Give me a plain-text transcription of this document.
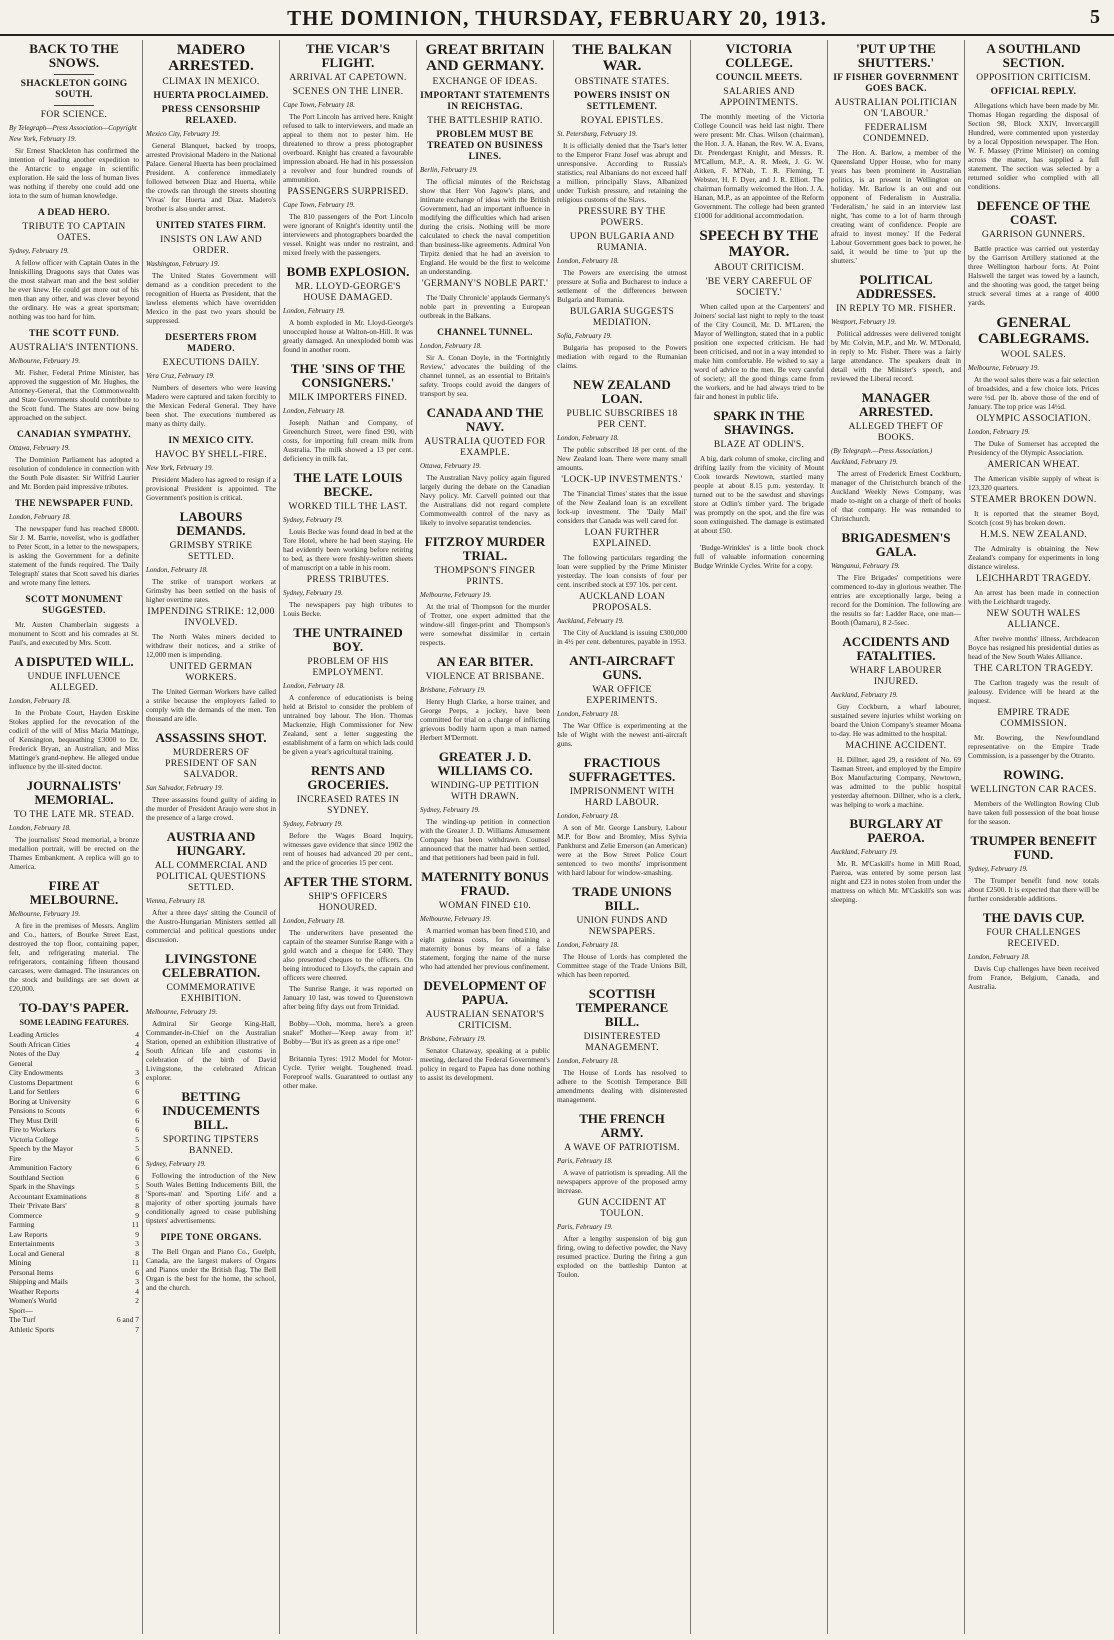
THE DOMINION, THURSDAY, FEBRUARY 20, 1913.	5
BACK TO THE SNOWS.
SHACKLETON GOING SOUTH.
FOR SCIENCE.
By Telegraph—Press Association—Copyright
New York, February 19.

Sir Ernest Shackleton has confirmed the intention of leading another expedition to the Antarctic to engage in scientific exploration. He said the loss of human lives was nothing if thereby one could add one iota to the sum of human knowledge.

A DEAD HERO.
TRIBUTE TO CAPTAIN OATES.
Sydney, February 19.

A fellow officer with Captain Oates in the Inniskilling Dragoons says that Oates was the most stalwart man and the best soldier he ever knew. He could get more out of his men than any other, and was clever beyond the ordinary. He was a great sportsman; nothing was too hard for him.

THE SCOTT FUND.
AUSTRALIA'S INTENTIONS.
Melbourne, February 19.

Mr. Fisher, Federal Prime Minister, has approved the suggestion of Mr. Hughes, the Attorney-General, that the Commonwealth and State Governments should contribute to the Scott fund. The States are now being approached on the subject.

CANADIAN SYMPATHY.
Ottawa, February 19.

The Dominion Parliament has adopted a resolution of condolence in connection with the South Pole disaster. Sir Wilfrid Laurier and Mr. Borden paid impressive tributes.

THE NEWSPAPER FUND.
London, February 18.

The newspaper fund has reached £8000. Sir J. M. Barrie, novelist, who is godfather to Peter Scott, in a letter to the newspapers, is asking the Government for a definite statement of the funds required. The 'Daily Telegraph' states that Scott saved his diaries and wrote many fine letters.

SCOTT MONUMENT SUGGESTED.

Mr. Austen Chamberlain suggests a monument to Scott and his comrades at St. Paul's, and executed by Mrs. Scott.

A DISPUTED WILL.
UNDUE INFLUENCE ALLEGED.
London, February 18.

In the Probate Court, Hayden Erskine Stokes applied for the revocation of the codicil of the will of Miss Maria Mattinge, of Kensington, bequeathing £3000 to Dr. Frederick Bryan, an Australian, and Miss Mattinge's grand-nephew. He alleged undue influence by the ill-sited doctor.

JOURNALISTS' MEMORIAL.
TO THE LATE MR. STEAD.
London, February 18.

The journalists' Stead memorial, a bronze medallion portrait, will be erected on the Thames Embankment. A replica will go to America.

FIRE AT MELBOURNE.
Melbourne, February 19.

A fire in the premises of Messrs. Anglim and Co., hatters, of Bourke Street East, destroyed the top floor, containing paper, felt, and refrigerating material. The refrigerators, containing fifteen thousand carcases, were damaged. The insurances on the stock and buildings are set down at £20,000.

TO-DAY'S PAPER.
SOME LEADING FEATURES.
Leading Articles	4
South African Cities	4
Notes of the Day	4
General
City Endowments	3
Customs Department	6
Land for Settlers	6
Boring at University	6
Pensions to Scouts	6
They Must Drill	6
Fire to Workers	6
Victoria College	5
Speech by the Mayor	5
Fire	6
Ammunition Factory	6
Southland Section	6
Spark in the Shavings	5
Accountant Examinations	8
Their 'Private Bars'	8
Commerce	9
Farming	11
Law Reports	9
Entertainments	3
Local and General	8
Mining	11
Personal Items	6
Shipping and Mails	3
Weather Reports	4
Women's World	2
Sport—
The Turf	6 and 7
Athletic Sports	7
MADERO ARRESTED.
CLIMAX IN MEXICO.
HUERTA PROCLAIMED.
PRESS CENSORSHIP RELAXED.
Mexico City, February 19.

General Blanquet, backed by troops, arrested Provisional Madero in the National Palace. General Huerta has been proclaimed President. A conference immediately followed between Diaz and Huerta, while the crowds ran through the streets shouting 'Vivas' for Huerta and Diaz. Madero's brother is also under arrest.

UNITED STATES FIRM.
INSISTS ON LAW AND ORDER.
Washington, February 19.

The United States Government will demand as a condition precedent to the recognition of Huerta as President, that the lawless elements which have overridden Mexico in the past two years should be suppressed.

DESERTERS FROM MADERO.
EXECUTIONS DAILY.
Vera Cruz, February 19.

Numbers of deserters who were leaving Madero were captured and taken forcibly to the Mexican Federal General. They have been shot. The executions numbered as many as thirty daily.

IN MEXICO CITY.
HAVOC BY SHELL-FIRE.
New York, February 19.

President Madero has agreed to resign if a provisional President is appointed. The Government's position is critical.

LABOURS DEMANDS.
GRIMSBY STRIKE SETTLED.
London, February 18.

The strike of transport workers at Grimsby has been settled on the basis of higher overtime rates.

IMPENDING STRIKE: 12,000 INVOLVED.

The North Wales miners decided to withdraw their notices, and a strike of 12,000 men is impending.

UNITED GERMAN WORKERS.

The United German Workers have called a strike because the employers failed to comply with the demands of the men. Ten thousand are idle.

ASSASSINS SHOT.
MURDERERS OF PRESIDENT OF SAN SALVADOR.
San Salvador, February 19.

Three assassins found guilty of aiding in the murder of President Araujo were shot in the presence of a large crowd.

AUSTRIA AND HUNGARY.
ALL COMMERCIAL AND POLITICAL QUESTIONS SETTLED.
Vienna, February 18.

After a three days' sitting the Council of the Austro-Hungarian Ministers settled all commercial and political questions under discussion.

LIVINGSTONE CELEBRATION.
COMMEMORATIVE EXHIBITION.
Melbourne, February 19.

Admiral Sir George King-Hall, Commander-in-Chief on the Australian Station, opened an exhibition illustrative of South African life and customs in celebration of the birth of David Livingstone, the celebrated African explorer.

BETTING INDUCEMENTS BILL.
SPORTING TIPSTERS BANNED.
Sydney, February 19.

Following the introduction of the New South Wales Betting Inducements Bill, the 'Sports-man' and 'Sporting Life' and a majority of other sporting journals have conditionally agreed to cease publishing tipsters' advertisements.

PIPE TONE ORGANS.

The Bell Organ and Piano Co., Guelph, Canada, are the largest makers of Organs and Pianos under the British flag. The Bell Organ is the best for the home, the school, and the church.

THE VICAR'S FLIGHT.
ARRIVAL AT CAPETOWN.
SCENES ON THE LINER.
Cape Town, February 18.

The Port Lincoln has arrived here. Knight refused to talk to interviewers, and made an appeal to them not to pester him. He threatened to throw a press photographer overboard. Knight has created a favourable impression aboard. He had in his possession a revolver and four hundred rounds of ammunition.

PASSENGERS SURPRISED.
Cape Town, February 19.

The 810 passengers of the Port Lincoln were ignorant of Knight's identity until the interviewers and photographers boarded the vessel. Knight was under no restraint, and mixed freely with the passengers.

BOMB EXPLOSION.
MR. LLOYD-GEORGE'S HOUSE DAMAGED.
London, February 19.

A bomb exploded in Mr. Lloyd-George's unoccupied house at Walton-on-Hill. It was greatly damaged. An unexploded bomb was found in another room.

THE 'SINS OF THE CONSIGNERS.'
MILK IMPORTERS FINED.
London, February 18.

Joseph Nathan and Company, of Greenchurch Street, were fined £90, with costs, for importing full cream milk from Australia. The milk showed a 13 per cent. deficiency in milk fat.

THE LATE LOUIS BECKE.
WORKED TILL THE LAST.
Sydney, February 19.

Louis Becke was found dead in bed at the Tore Hotel, where he had been staying. He had evidently been working before retiring to bed, as there were freshly-written sheets of manuscript on a table in his room.

PRESS TRIBUTES.
Sydney, February 19.

The newspapers pay high tributes to Louis Becke.

THE UNTRAINED BOY.
PROBLEM OF HIS EMPLOYMENT.
London, February 18.

A conference of educationists is being held at Bristol to consider the problem of untrained boy labour. The Hon. Thomas Mackenzie, High Commissioner for New Zealand, sent a letter suggesting the establishment of a farm on which lads could be given a year's agricultural training.

RENTS AND GROCERIES.
INCREASED RATES IN SYDNEY.
Sydney, February 19.

Before the Wages Board Inquiry, witnesses gave evidence that since 1902 the rent of houses had advanced 20 per cent., and the price of groceries 15 per cent.

AFTER THE STORM.
SHIP'S OFFICERS HONOURED.
London, February 18.

The underwriters have presented the captain of the steamer Sunrise Range with a gold watch and a cheque for £400. They also presented cheques to the officers. On being introduced to Lloyd's, the captain and officers were cheered.

The Sunrise Range, it was reported on January 10 last, was towed to Queenstown after being fifty days out from Trinidad.

Bobby—'Ooh, momma, here's a green snake!' Mother—'Keep away from it!' Bobby—'But it's as green as a ripe one!'

Britannia Tyres: 1912 Model for Motor-Cycle. Tyrier weight. Toughened tread. Foreproof walls. Guaranteed to outlast any other make.

GREAT BRITAIN AND GERMANY.
EXCHANGE OF IDEAS.
IMPORTANT STATEMENTS IN REICHSTAG.
THE BATTLESHIP RATIO.
PROBLEM MUST BE TREATED ON BUSINESS LINES.
Berlin, February 19.

The official minutes of the Reichstag show that Herr Von Jagow's plans, and intimate exchange of ideas with the British Government, had an important influence in modifying the difficulties which had arisen during the crisis. Nothing will be more calculated to check the naval competition than business-like agreements. Admiral Von Tirpitz denied that he had an aversion to England. He would be the first to welcome an understanding.

'GERMANY'S NOBLE PART.'

The 'Daily Chronicle' applauds Germany's noble part in preventing a European outbreak in the Balkans.

CHANNEL TUNNEL.
London, February 18.

Sir A. Conan Doyle, in the 'Fortnightly Review,' advocates the building of the channel tunnel, as an essential to Britain's safety. Troops could avoid the dangers of transport by sea.

CANADA AND THE NAVY.
AUSTRALIA QUOTED FOR EXAMPLE.
Ottawa, February 19.

The Australian Navy policy again figured largely during the debate on the Canadian Navy policy. Mr. Carvell pointed out that the Australians did not regard complete Commonwealth control of the navy as likely to involve separatist tendencies.

FITZROY MURDER TRIAL.
THOMPSON'S FINGER PRINTS.
Melbourne, February 19.

At the trial of Thompson for the murder of Trotter, one expert admitted that the window-sill finger-print and Thompson's were somewhat dissimilar in certain respects.

AN EAR BITER.
VIOLENCE AT BRISBANE.
Brisbane, February 19.

Henry Hugh Clarke, a horse trainer, and George Peeps, a jockey, have been committed for trial on a charge of inflicting grievous bodily harm upon a man named Herbert M'Dermott.

GREATER J. D. WILLIAMS CO.
WINDING-UP PETITION WITH DRAWN.
Sydney, February 19.

The winding-up petition in connection with the Greater J. D. Williams Amusement Company has been withdrawn. Counsel announced that the matter had been settled, and that petitioners had been paid in full.

MATERNITY BONUS FRAUD.
WOMAN FINED £10.
Melbourne, February 19.

A married woman has been fined £10, and eight guineas costs, for obtaining a maternity bonus by means of a false statement, forging the name of the nurse who had attended her previous confinement.

DEVELOPMENT OF PAPUA.
AUSTRALIAN SENATOR'S CRITICISM.
Brisbane, February 19.

Senator Chataway, speaking at a public meeting, declared the Federal Government's policy in regard to Papua has done nothing to assist its development.

THE BALKAN WAR.
OBSTINATE STATES.
POWERS INSIST ON SETTLEMENT.
ROYAL EPISTLES.
St. Petersburg, February 19.

It is officially denied that the Tsar's letter to the Emperor Franz Josef was abrupt and unresponsive. According to Russia's statistics, real Albanians do not exceed half a million, principally Slavs, Albanized under Turkish pressure, and retaining the religious customs of the Slavs.

PRESSURE BY THE POWERS.
UPON BULGARIA AND RUMANIA.
London, February 18.

The Powers are exercising the utmost pressure at Sofia and Bucharest to induce a settlement of the differences between Bulgaria and Rumania.

BULGARIA SUGGESTS MEDIATION.
Sofia, February 19.

Bulgaria has proposed to the Powers mediation with regard to the Rumanian claims.

NEW ZEALAND LOAN.
PUBLIC SUBSCRIBES 18 PER CENT.
London, February 18.

The public subscribed 18 per cent. of the New Zealand loan. There were many small amounts.

'LOCK-UP INVESTMENTS.'

The 'Financial Times' states that the issue of the New Zealand loan is an excellent lock-up investment. The 'Daily Mail' considers that Canada was well cared for.

LOAN FURTHER EXPLAINED.

The following particulars regarding the loan were supplied by the Prime Minister yesterday. The loan consists of four per cent. inscribed stock at £97 10s. per cent.

AUCKLAND LOAN PROPOSALS.
Auckland, February 19.

The City of Auckland is issuing £300,000 in 4½ per cent. debentures, payable in 1953.

ANTI-AIRCRAFT GUNS.
WAR OFFICE EXPERIMENTS.
London, February 18.

The War Office is experimenting at the Isle of Wight with the newest anti-aircraft guns.

FRACTIOUS SUFFRAGETTES.
IMPRISONMENT WITH HARD LABOUR.
London, February 18.

A son of Mr. George Lansbury, Labour M.P. for Bow and Bromley, Miss Sylvia Pankhurst and Zelie Emerson (an American) were at the Bow Street Police Court sentenced to two months' imprisonment with hard labour for window-smashing.

TRADE UNIONS BILL.
UNION FUNDS AND NEWSPAPERS.
London, February 18.

The House of Lords has completed the Committee stage of the Trade Unions Bill, which has been reported.

SCOTTISH TEMPERANCE BILL.
DISINTERESTED MANAGEMENT.
London, February 18.

The House of Lords has resolved to adhere to the Scottish Temperance Bill amendments dealing with disinterested management.

THE FRENCH ARMY.
A WAVE OF PATRIOTISM.
Paris, February 18.

A wave of patriotism is spreading. All the newspapers approve of the proposed army increase.

GUN ACCIDENT AT TOULON.
Paris, February 19.

After a lengthy suspension of big gun firing, owing to defective powder, the Navy resumed practice. During the firing a gun exploded on the battleship Danton at Toulon.

VICTORIA COLLEGE.
COUNCIL MEETS.
SALARIES AND APPOINTMENTS.

The monthly meeting of the Victoria College Council was held last night. There were present: Mr. Chas. Wilson (chairman), the Hon. J. A. Hanan, the Rev. W. A. Evans, Dr. Prendergast Knight, and Messrs. R. M'Callum, M.P., A. R. Meek, J. G. W. Aitken, F. M'Nab, T. R. Fleming, T. Webster, H. F. Dyer, and J. R. Elliott. The chairman formally welcomed the Hon. J. A. Hanan, M.P., as an appointee of the Reform Government. The college had been granted £1000 for additional accommodation.

SPEECH BY THE MAYOR.
ABOUT CRITICISM.
'BE VERY CAREFUL OF SOCIETY.'

When called upon at the Carpenters' and Joiners' social last night to reply to the toast of the City Council, Mr. D. M'Laren, the Mayor of Wellington, stated that in a public position one expected criticism. He had been criticised, and not in a way intended to make him comfortable. He wished to say a word of advice to the men. Be very careful of society; all the good things came from the workers, and he had always tried to be fair and honest in public life.

SPARK IN THE SHAVINGS.
BLAZE AT ODLIN'S.

A big, dark column of smoke, circling and drifting lazily from the vicinity of Mount Cook towards Newtown, startled many people at about 8.15 p.m. yesterday. It turned out to be the sawdust and shavings store at Odlin's timber yard. The brigade was promptly on the spot, and the fire was soon extinguished. The damage is estimated at about £50.

'Budge-Wrinkles' is a little book chock full of valuable information concerning Budge Wrinkle Cycles. Write for a copy.

'PUT UP THE SHUTTERS.'
IF FISHER GOVERNMENT GOES BACK.
AUSTRALIAN POLITICIAN ON 'LABOUR.'
FEDERALISM CONDEMNED.

The Hon. A. Barlow, a member of the Queensland Upper House, who for many years has been prominent in Australian politics, is at present in Wellington on holiday. Mr. Barlow is an out and out opponent of Federalism in Australia. 'Federalism,' he said in an interview last night, 'has come to a lot of harm through creating want of confidence. People are afraid to invest money.' If the Federal Labour Government goes back to power, he said, it would be time to 'put up the shutters.'

POLITICAL ADDRESSES.
IN REPLY TO MR. FISHER.
Westport, February 19.

Political addresses were delivered tonight by Mr. Colvin, M.P., and Mr. W. M'Donald, in reply to Mr. Fisher. There was a fairly large attendance. The speakers dealt in detail with the Minister's speech, and reviewed the Liberal record.

MANAGER ARRESTED.
ALLEGED THEFT OF BOOKS.
(By Telegraph.—Press Association.)
Auckland, February 19.

The arrest of Frederick Ernest Cockburn, manager of the Christchurch branch of the Auckland Weekly News Company, was made to-night on a charge of theft of books of that company. He was remanded to Christchurch.

BRIGADESMEN'S GALA.
Wanganui, February 19.

The Fire Brigades' competitions were commenced to-day in glorious weather. The entries are exceptionally large, being a record for the Dominion. The following are the results so far: Ladder Race, one man—Booth (Ōamaru), 8 2-5sec.

ACCIDENTS AND FATALITIES.
WHARF LABOURER INJURED.
Auckland, February 19.

Guy Cockburn, a wharf labourer, sustained severe injuries whilst working on board the Union Company's steamer Moana to-day. He was admitted to the hospital.

MACHINE ACCIDENT.

H. Dillner, aged 29, a resident of No. 69 Tasman Street, and employed by the Empire Box Manufacturing Company, Newtown, was admitted to the public hospital yesterday afternoon. Dillner, who is a clerk, was helping to work a machine.

BURGLARY AT PAEROA.
Auckland, February 19.

Mr. R. M'Caskill's home in Mill Road, Paeroa, was entered by some person last night and £23 in notes stolen from under the mattress on which Mr. M'Caskill's son was sleeping.

A SOUTHLAND SECTION.
OPPOSITION CRITICISM.
OFFICIAL REPLY.

Allegations which have been made by Mr. Thomas Hogan regarding the disposal of Section 98, Block XXIV, Invercargill Hundred, were commented upon yesterday by a local Opposition newspaper. The Hon. W. F. Massey (Prime Minister) on coming across the matter, has supplied a full statement. The section was selected by a returned soldier who complied with all conditions.

DEFENCE OF THE COAST.
GARRISON GUNNERS.

Battle practice was carried out yesterday by the Garrison Artillery stationed at the three Wellington harbour forts. At Point Halswell the target was towed by a launch, and the shooting was good, the target being struck several times at a range of 4000 yards.

GENERAL CABLEGRAMS.
WOOL SALES.
Melbourne, February 19.

At the wool sales there was a fair selection of broadsides, and a few choice lots. Prices were ½d. per lb. above those of the end of January. The top price was 14½d.

OLYMPIC ASSOCIATION.
London, February 19.

The Duke of Somerset has accepted the Presidency of the Olympic Association.

AMERICAN WHEAT.

The American visible supply of wheat is 123,320 quarters.

STEAMER BROKEN DOWN.

It is reported that the steamer Boyd, Scotch (cost 9) has broken down.

H.M.S. NEW ZEALAND.

The Admiralty is obtaining the New Zealand's company for experiments in long distance wireless.

LEICHHARDT TRAGEDY.

An arrest has been made in connection with the Leichhardt tragedy.

NEW SOUTH WALES ALLIANCE.

After twelve months' illness, Archdeacon Boyce has resigned his presidential duties as head of the New South Wales Alliance.

THE CARLTON TRAGEDY.

The Carlton tragedy was the result of jealousy. Evidence will be heard at the inquest.

EMPIRE TRADE COMMISSION.

Mr. Bowring, the Newfoundland representative on the Empire Trade Commission, is a passenger by the Otranto.

ROWING.
WELLINGTON CAR RACES.

Members of the Wellington Rowing Club have taken full possession of the boat house for the season.

TRUMPER BENEFIT FUND.
Sydney, February 19.

The Trumper benefit fund now totals about £2500. It is expected that there will be further considerable additions.

THE DAVIS CUP.
FOUR CHALLENGES RECEIVED.
London, February 18.

Davis Cup challenges have been received from France, Belgium, Canada, and Australia.
